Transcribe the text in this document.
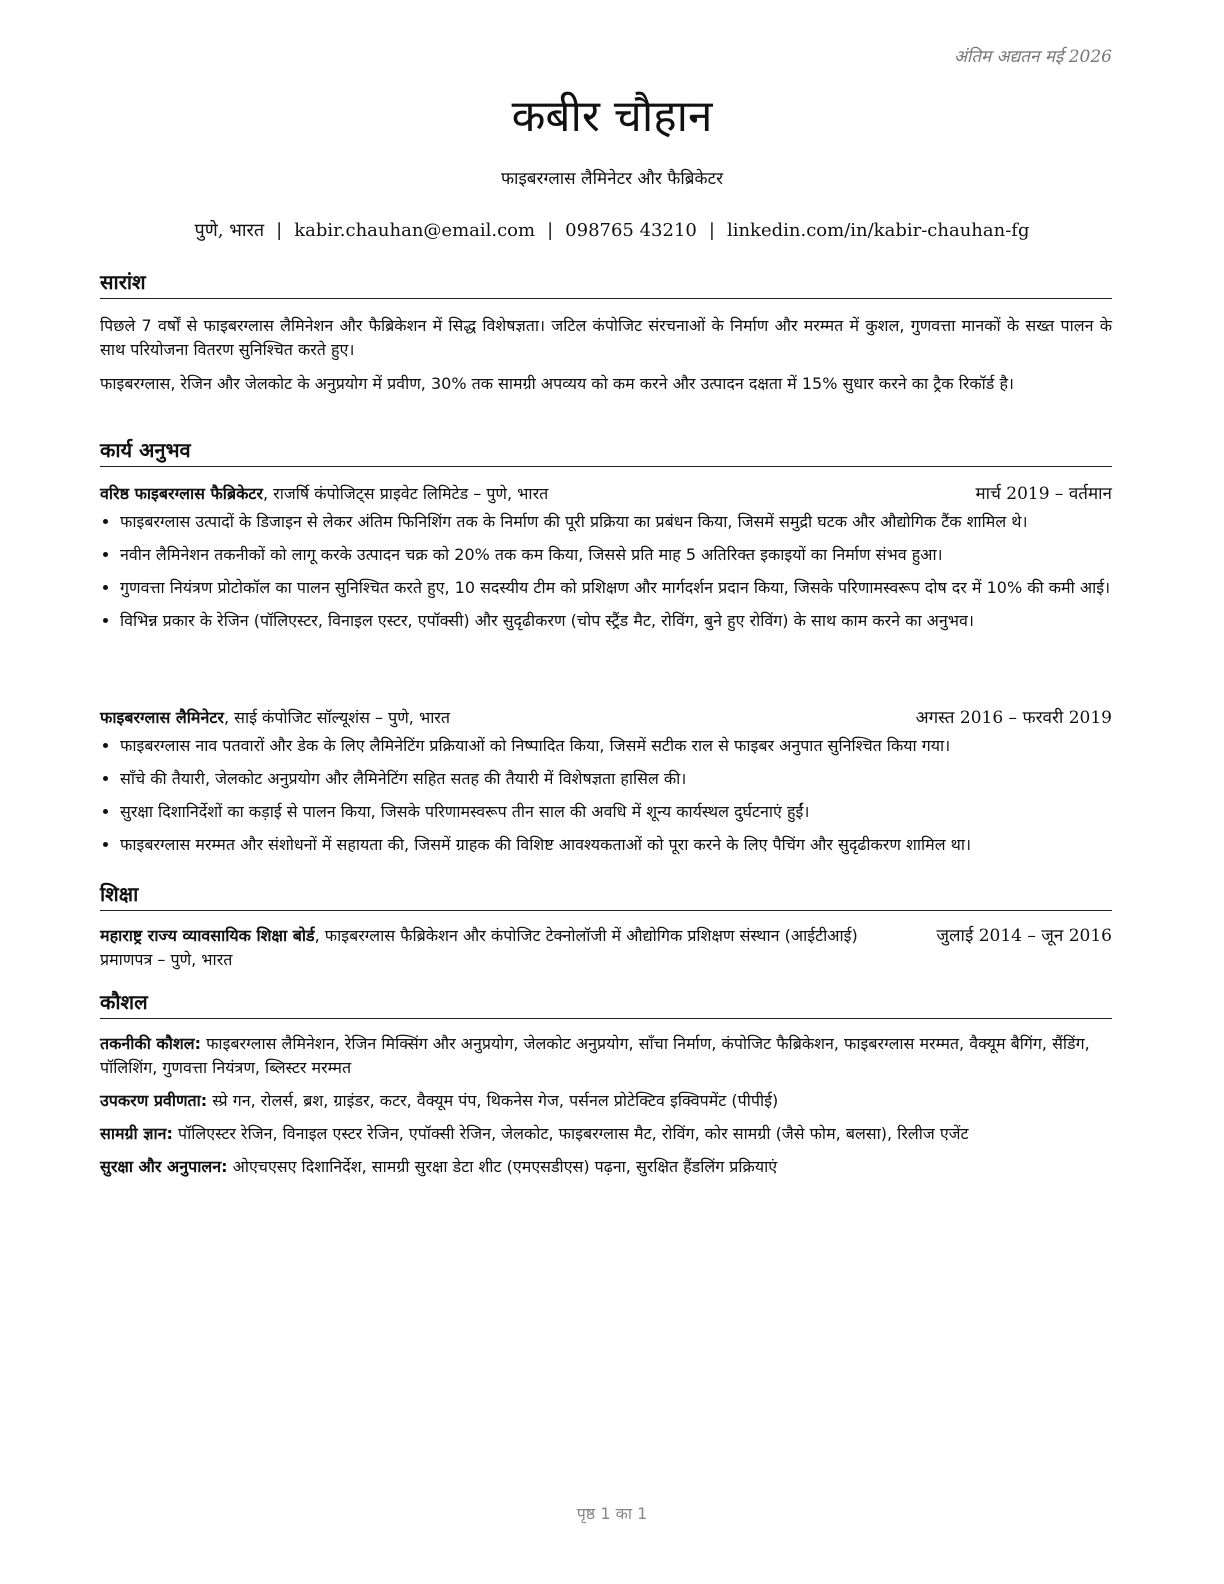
अंतिम अद्यतन मई 2026
कबीर चौहान
फाइबरग्लास लैमिनेटर और फैब्रिकेटर
पुणे, भारत | kabir.chauhan@email.com | 098765 43210 | linkedin.com/in/kabir-chauhan-fg
सारांश

पिछले 7 वर्षों से फाइबरग्लास लैमिनेशन और फैब्रिकेशन में सिद्ध विशेषज्ञता। जटिल कंपोजिट संरचनाओं के निर्माण और मरम्मत में कुशल, गुणवत्ता मानकों के सख्त पालन के साथ परियोजना वितरण सुनिश्चित करते हुए।

फाइबरग्लास, रेजिन और जेलकोट के अनुप्रयोग में प्रवीण, 30% तक सामग्री अपव्यय को कम करने और उत्पादन दक्षता में 15% सुधार करने का ट्रैक रिकॉर्ड है।

कार्य अनुभव
वरिष्ठ फाइबरग्लास फैब्रिकेटर, राजर्षि कंपोजिट्स प्राइवेट लिमिटेड – पुणे, भारत	मार्च 2019 – वर्तमान
• फाइबरग्लास उत्पादों के डिजाइन से लेकर अंतिम फिनिशिंग तक के निर्माण की पूरी प्रक्रिया का प्रबंधन किया, जिसमें समुद्री घटक और औद्योगिक टैंक शामिल थे।
• नवीन लैमिनेशन तकनीकों को लागू करके उत्पादन चक्र को 20% तक कम किया, जिससे प्रति माह 5 अतिरिक्त इकाइयों का निर्माण संभव हुआ।
• गुणवत्ता नियंत्रण प्रोटोकॉल का पालन सुनिश्चित करते हुए, 10 सदस्यीय टीम को प्रशिक्षण और मार्गदर्शन प्रदान किया, जिसके परिणामस्वरूप दोष दर में 10% की कमी आई।
• विभिन्न प्रकार के रेजिन (पॉलिएस्टर, विनाइल एस्टर, एपॉक्सी) और सुदृढीकरण (चोप स्ट्रैंड मैट, रोविंग, बुने हुए रोविंग) के साथ काम करने का अनुभव।
फाइबरग्लास लैमिनेटर, साई कंपोजिट सॉल्यूशंस – पुणे, भारत	अगस्त 2016 – फरवरी 2019
• फाइबरग्लास नाव पतवारों और डेक के लिए लैमिनेटिंग प्रक्रियाओं को निष्पादित किया, जिसमें सटीक राल से फाइबर अनुपात सुनिश्चित किया गया।
• साँचे की तैयारी, जेलकोट अनुप्रयोग और लैमिनेटिंग सहित सतह की तैयारी में विशेषज्ञता हासिल की।
• सुरक्षा दिशानिर्देशों का कड़ाई से पालन किया, जिसके परिणामस्वरूप तीन साल की अवधि में शून्य कार्यस्थल दुर्घटनाएं हुईं।
• फाइबरग्लास मरम्मत और संशोधनों में सहायता की, जिसमें ग्राहक की विशिष्ट आवश्यकताओं को पूरा करने के लिए पैचिंग और सुदृढीकरण शामिल था।
शिक्षा
महाराष्ट्र राज्य व्यावसायिक शिक्षा बोर्ड, फाइबरग्लास फैब्रिकेशन और कंपोजिट टेक्नोलॉजी में औद्योगिक प्रशिक्षण संस्थान (आईटीआई) प्रमाणपत्र – पुणे, भारत
जुलाई 2014 – जून 2016
कौशल
तकनीकी कौशल: फाइबरग्लास लैमिनेशन, रेजिन मिक्सिंग और अनुप्रयोग, जेलकोट अनुप्रयोग, साँचा निर्माण, कंपोजिट फैब्रिकेशन, फाइबरग्लास मरम्मत, वैक्यूम बैगिंग, सैंडिंग, पॉलिशिंग, गुणवत्ता नियंत्रण, ब्लिस्टर मरम्मत
उपकरण प्रवीणता: स्प्रे गन, रोलर्स, ब्रश, ग्राइंडर, कटर, वैक्यूम पंप, थिकनेस गेज, पर्सनल प्रोटेक्टिव इक्विपमेंट (पीपीई)
सामग्री ज्ञान: पॉलिएस्टर रेजिन, विनाइल एस्टर रेजिन, एपॉक्सी रेजिन, जेलकोट, फाइबरग्लास मैट, रोविंग, कोर सामग्री (जैसे फोम, बलसा), रिलीज एजेंट
सुरक्षा और अनुपालन: ओएचएसए दिशानिर्देश, सामग्री सुरक्षा डेटा शीट (एमएसडीएस) पढ़ना, सुरक्षित हैंडलिंग प्रक्रियाएं
पृष्ठ 1 का 1
